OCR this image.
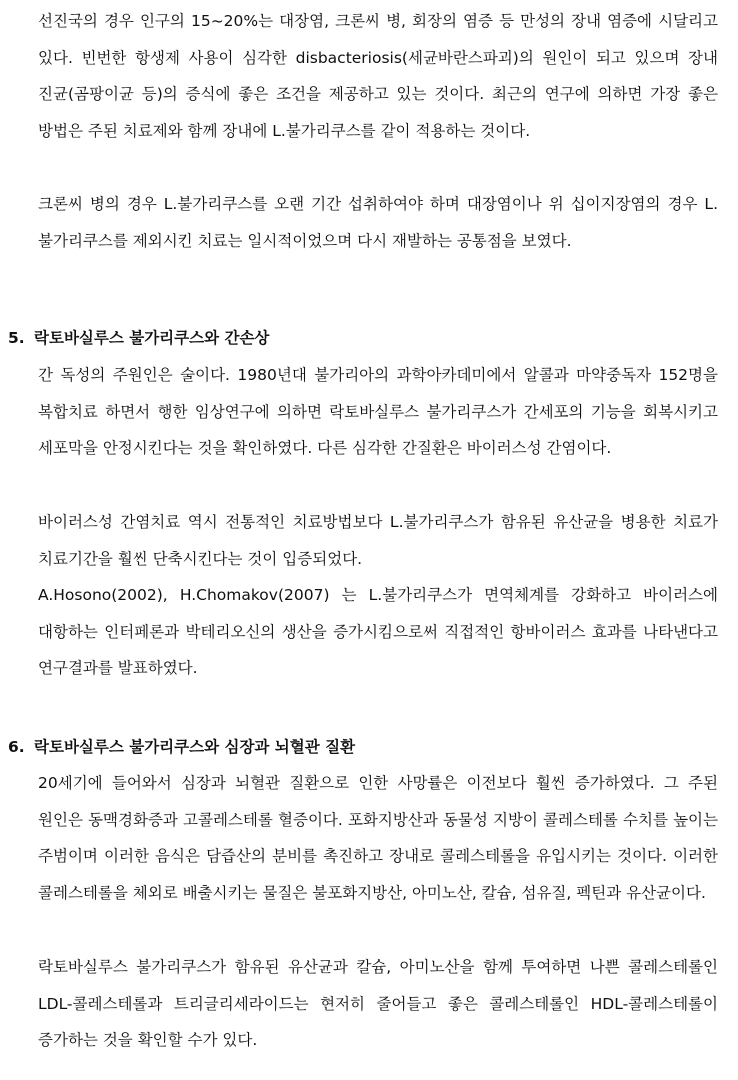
선진국의 경우 인구의 15~20%는 대장염, 크론씨 병, 회장의 염증 등 만성의 장내 염증에 시달리고 있다. 빈번한 항생제 사용이 심각한 disbacteriosis(세균바란스파괴)의 원인이 되고 있으며 장내 진균(곰팡이균 등)의 증식에 좋은 조건을 제공하고 있는 것이다. 최근의 연구에 의하면 가장 좋은 방법은 주된 치료제와 함께 장내에 L.불가리쿠스를 같이 적용하는 것이다.

크론씨 병의 경우 L.불가리쿠스를 오랜 기간 섭취하여야 하며 대장염이나 위 십이지장염의 경우 L.불가리쿠스를 제외시킨 치료는 일시적이었으며 다시 재발하는 공통점을 보였다.

5. 락토바실루스 불가리쿠스와 간손상

간 독성의 주원인은 술이다. 1980년대 불가리아의 과학아카데미에서 알콜과 마약중독자 152명을 복합치료 하면서 행한 임상연구에 의하면 락토바실루스 불가리쿠스가 간세포의 기능을 회복시키고 세포막을 안정시킨다는 것을 확인하였다. 다른 심각한 간질환은 바이러스성 간염이다.

바이러스성 간염치료 역시 전통적인 치료방법보다 L.불가리쿠스가 함유된 유산균을 병용한 치료가 치료기간을 훨씬 단축시킨다는 것이 입증되었다.

A.Hosono(2002), H.Chomakov(2007) 는 L.불가리쿠스가 면역체계를 강화하고 바이러스에 대항하는 인터페론과 박테리오신의 생산을 증가시킴으로써 직접적인 항바이러스 효과를 나타낸다고 연구결과를 발표하였다.

6. 락토바실루스 불가리쿠스와 심장과 뇌혈관 질환

20세기에 들어와서 심장과 뇌혈관 질환으로 인한 사망률은 이전보다 훨씬 증가하였다. 그 주된 원인은 동맥경화증과 고콜레스테롤 혈증이다. 포화지방산과 동물성 지방이 콜레스테롤 수치를 높이는 주범이며 이러한 음식은 담즙산의 분비를 촉진하고 장내로 콜레스테롤을 유입시키는 것이다. 이러한 콜레스테롤을 체외로 배출시키는 물질은 불포화지방산, 아미노산, 칼슘, 섬유질, 펙틴과 유산균이다.

락토바실루스 불가리쿠스가 함유된 유산균과 칼슘, 아미노산을 함께 투여하면 나쁜 콜레스테롤인 LDL-콜레스테롤과 트리글리세라이드는 현저히 줄어들고 좋은 콜레스테롤인 HDL-콜레스테롤이 증가하는 것을 확인할 수가 있다.
